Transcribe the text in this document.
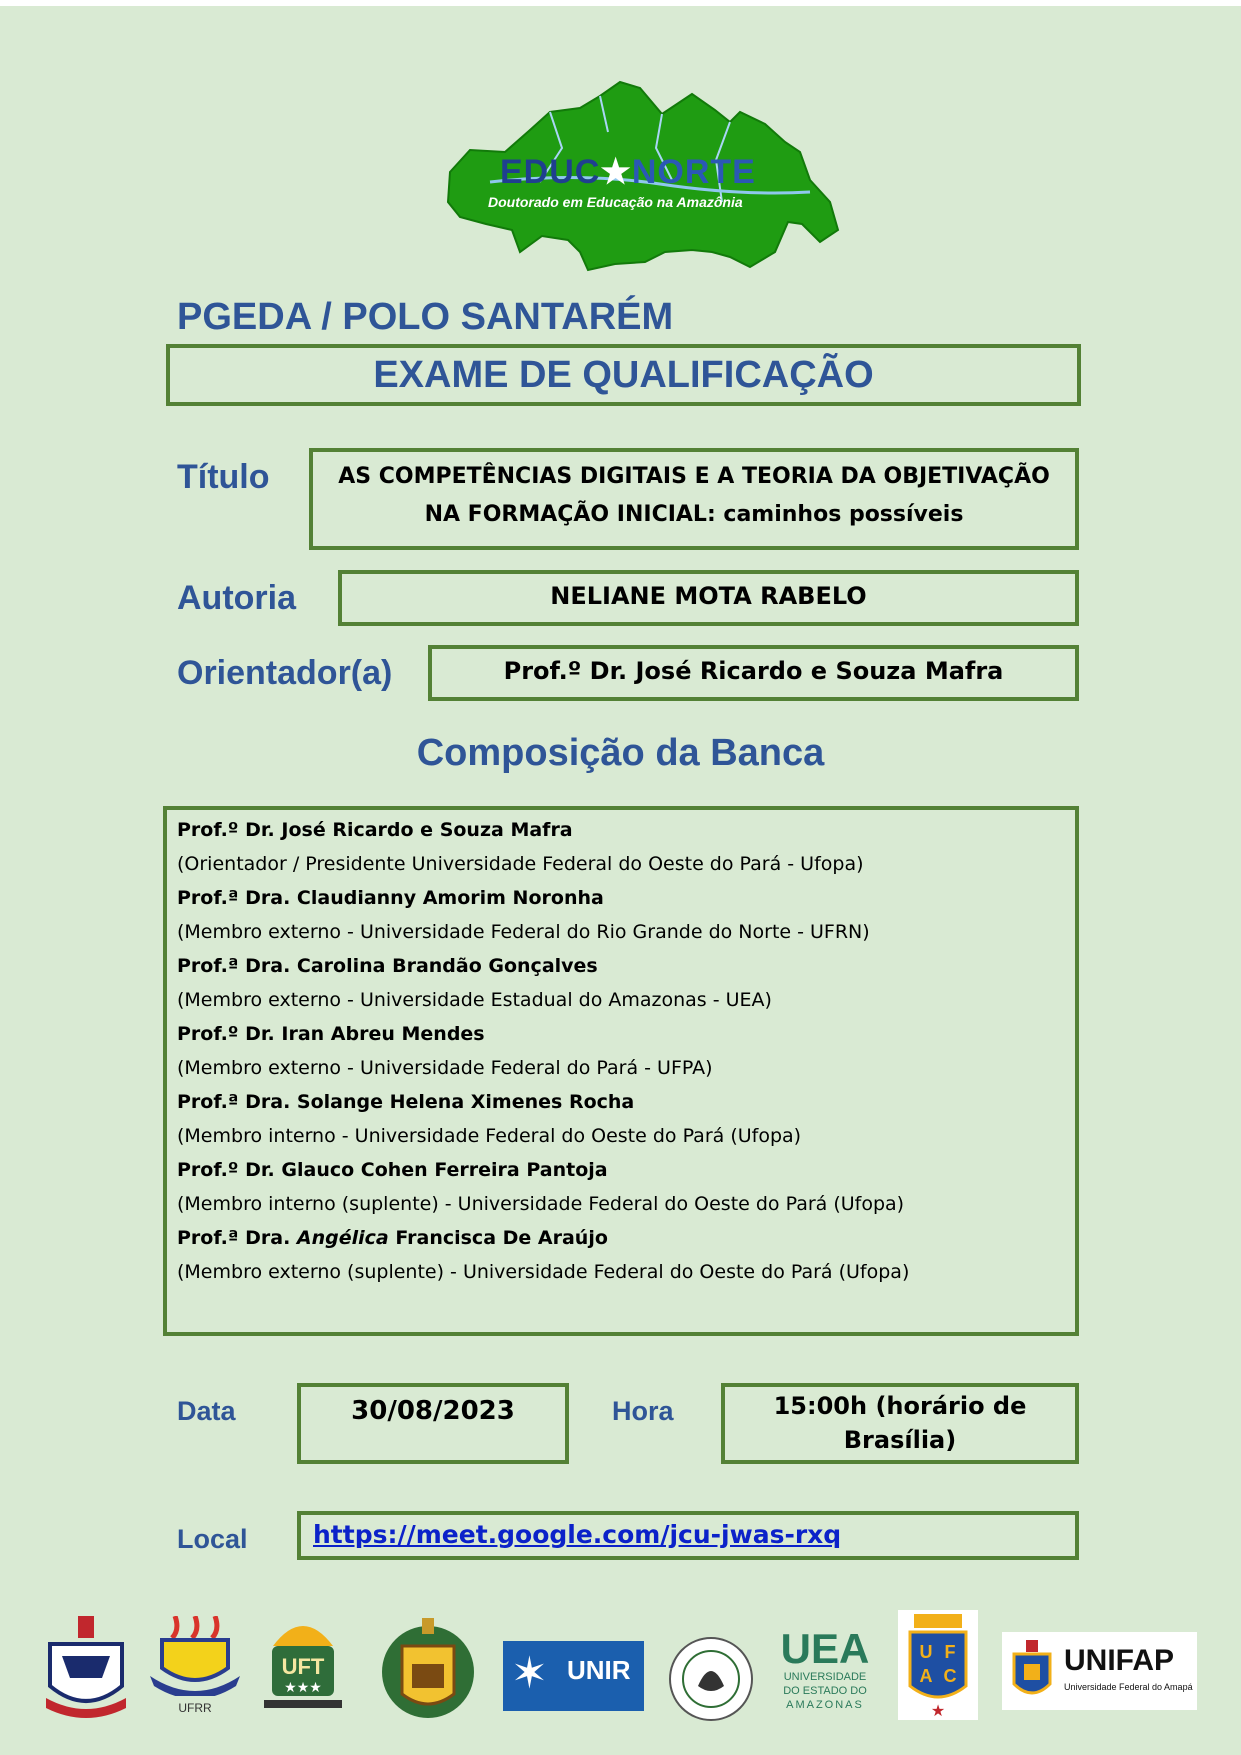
EDUC★NORTE
Doutorado em Educação na Amazônia
PGEDA / POLO SANTARÉM
EXAME DE QUALIFICAÇÃO
Título	AS COMPETÊNCIAS DIGITAIS E A TEORIA DA OBJETIVAÇÃO
NA FORMAÇÃO INICIAL: caminhos possíveis
Autoria	NELIANE MOTA RABELO
Orientador(a)	Prof.º Dr. José Ricardo e Souza Mafra
Composição da Banca
Prof.º Dr. José Ricardo e Souza Mafra
(Orientador / Presidente Universidade Federal do Oeste do Pará - Ufopa)
Prof.ª Dra. Claudianny Amorim Noronha
(Membro externo - Universidade Federal do Rio Grande do Norte - UFRN)
Prof.ª Dra. Carolina Brandão Gonçalves
(Membro externo - Universidade Estadual do Amazonas - UEA)
Prof.º Dr. Iran Abreu Mendes
(Membro externo - Universidade Federal do Pará - UFPA)
Prof.ª Dra. Solange Helena Ximenes Rocha
(Membro interno - Universidade Federal do Oeste do Pará (Ufopa)
Prof.º Dr. Glauco Cohen Ferreira Pantoja
(Membro interno (suplente) - Universidade Federal do Oeste do Pará (Ufopa)
Prof.ª Dra. Angélica Francisca De Araújo
(Membro externo (suplente) - Universidade Federal do Oeste do Pará (Ufopa)
Data	30/08/2023	Hora	15:00h (horário de
Brasília)
Local	https://meet.google.com/jcu-jwas-rxq
UFRR
UFT
★★★	✶ UNIR	UEA
UNIVERSIDADE
DO ESTADO DO
AMAZONAS
U F
A C
★
UNIFAP
Universidade Federal do Amapá
